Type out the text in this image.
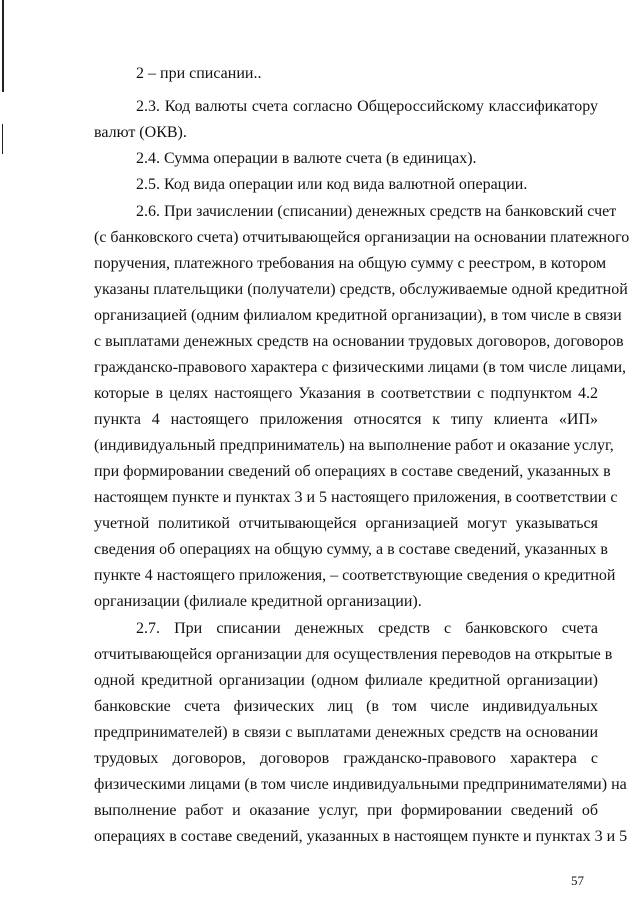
2 – при списании..
2.3. Код валюты счета согласно Общероссийскому классификатору
валют (ОКВ).
2.4. Сумма операции в валюте счета (в единицах).
2.5. Код вида операции или код вида валютной операции.
2.6. При зачислении (списании) денежных средств на банковский счет
(с банковского счета) отчитывающейся организации на основании платежного
поручения, платежного требования на общую сумму с реестром, в котором
указаны плательщики (получатели) средств, обслуживаемые одной кредитной
организацией (одним филиалом кредитной организации), в том числе в связи
с выплатами денежных средств на основании трудовых договоров, договоров
гражданско-правового характера с физическими лицами (в том числе лицами,
которые в целях настоящего Указания в соответствии с подпунктом 4.2
пункта 4 настоящего приложения относятся к типу клиента «ИП»
(индивидуальный предприниматель) на выполнение работ и оказание услуг,
при формировании сведений об операциях в составе сведений, указанных в
настоящем пункте и пунктах 3 и 5 настоящего приложения, в соответствии с
учетной политикой отчитывающейся организацией могут указываться
сведения об операциях на общую сумму, а в составе сведений, указанных в
пункте 4 настоящего приложения, – соответствующие сведения о кредитной
организации (филиале кредитной организации).
2.7. При списании денежных средств с банковского счета
отчитывающейся организации для осуществления переводов на открытые в
одной кредитной организации (одном филиале кредитной организации)
банковские счета физических лиц (в том числе индивидуальных
предпринимателей) в связи с выплатами денежных средств на основании
трудовых договоров, договоров гражданско-правового характера с
физическими лицами (в том числе индивидуальными предпринимателями) на
выполнение работ и оказание услуг, при формировании сведений об
операциях в составе сведений, указанных в настоящем пункте и пунктах 3 и 5
57
